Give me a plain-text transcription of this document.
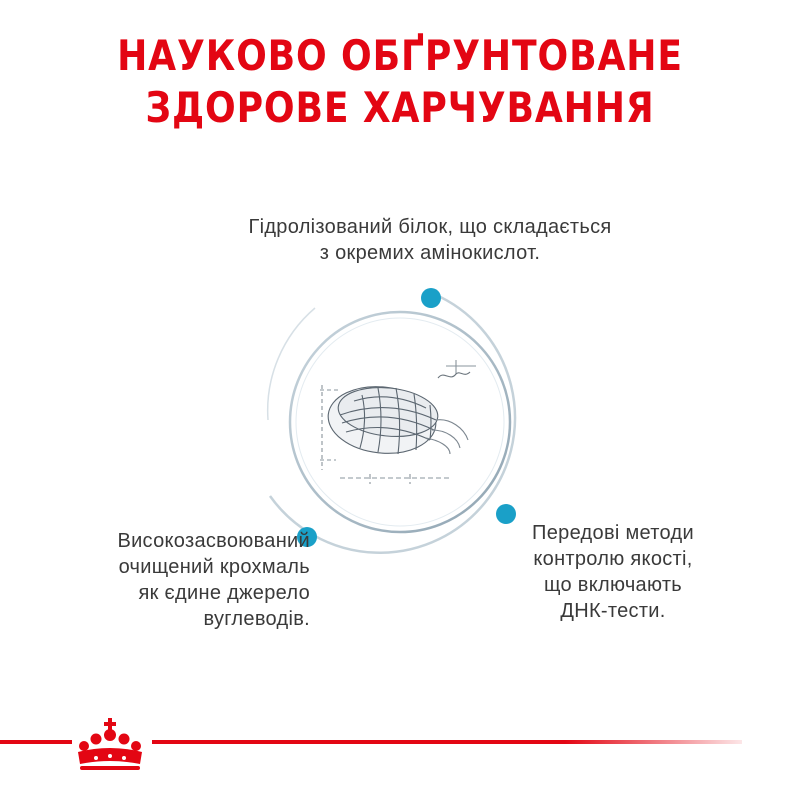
НАУКОВО ОБҐРУНТОВАНЕ
ЗДОРОВЕ ХАРЧУВАННЯ
Гідролізований білок, що складається
з окремих амінокислот.
Високозасвоюваний
очищений крохмаль
як єдине джерело
вуглеводів.
Передові методи
контролю якості,
що включають
ДНК-тести.
